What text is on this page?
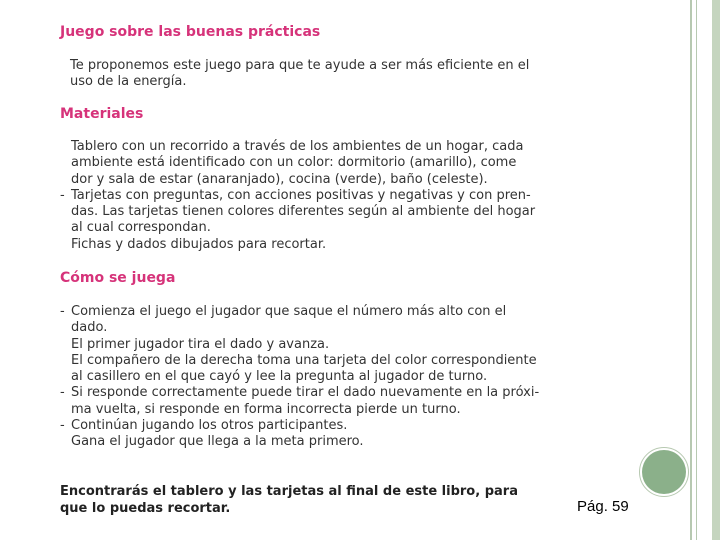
Juego sobre las buenas prácticas
Te proponemos este juego para que te ayude a ser más eficiente en el
uso de la energía.
Materiales
Tablero con un recorrido a través de los ambientes de un hogar, cada
ambiente está identificado con un color: dormitorio (amarillo), come
dor y sala de estar (anaranjado), cocina (verde), baño (celeste).
- Tarjetas con preguntas, con acciones positivas y negativas y con pren-
das. Las tarjetas tienen colores diferentes según al ambiente del hogar
al cual correspondan.
Fichas y dados dibujados para recortar.
Cómo se juega
- Comienza el juego el jugador que saque el número más alto con el
dado.
El primer jugador tira el dado y avanza.
El compañero de la derecha toma una tarjeta del color correspondiente
al casillero en el que cayó y lee la pregunta al jugador de turno.
- Si responde correctamente puede tirar el dado nuevamente en la próxi-
ma vuelta, si responde en forma incorrecta pierde un turno.
- Continúan jugando los otros participantes.
Gana el jugador que llega a la meta primero.
Encontrarás el tablero y las tarjetas al final de este libro, para
que lo puedas recortar.	Pág. 59
